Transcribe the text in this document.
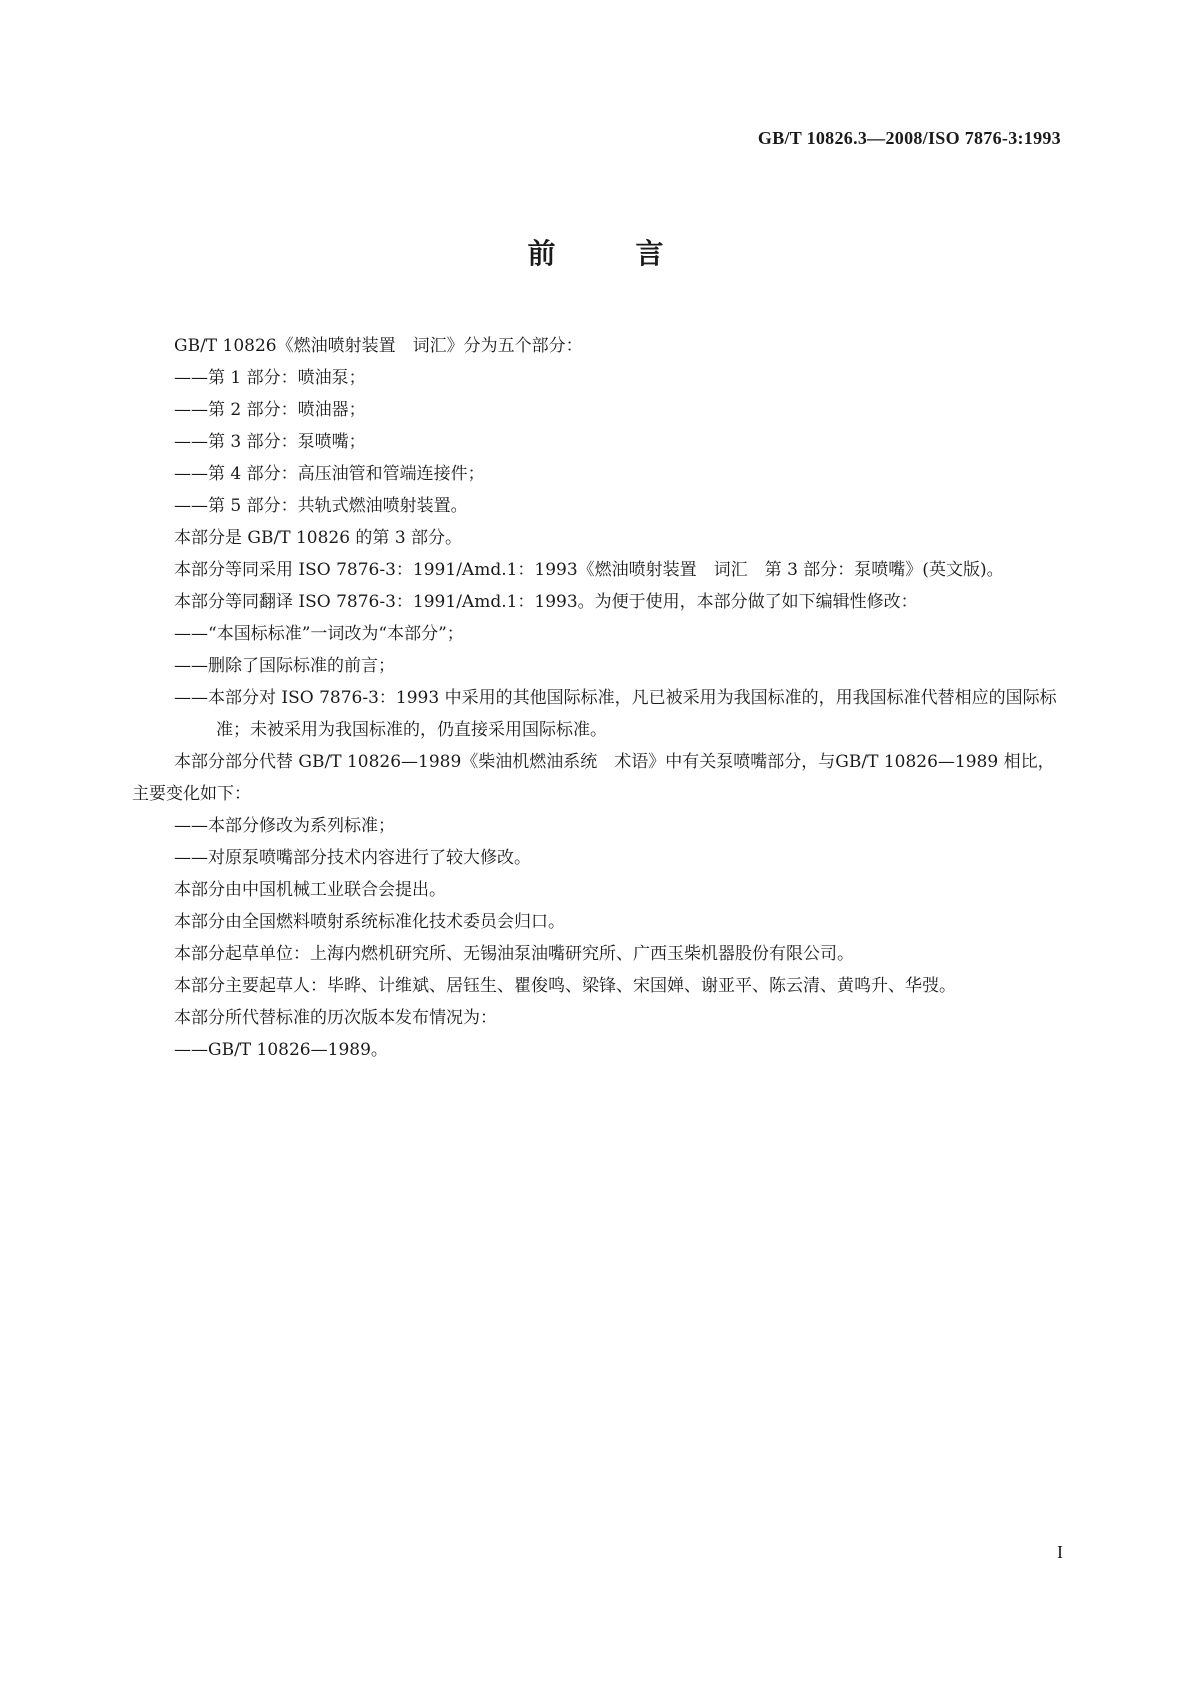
GB/T 10826.3—2008/ISO 7876-3:1993
前　言

GB/T 10826《燃油喷射装置　词汇》分为五个部分：

——第 1 部分：喷油泵；

——第 2 部分：喷油器；

——第 3 部分：泵喷嘴；

——第 4 部分：高压油管和管端连接件；

——第 5 部分：共轨式燃油喷射装置。

本部分是 GB/T 10826 的第 3 部分。

本部分等同采用 ISO 7876-3：1991/Amd.1：1993《燃油喷射装置　词汇　第 3 部分：泵喷嘴》(英文版)。

本部分等同翻译 ISO 7876-3：1991/Amd.1：1993。为便于使用，本部分做了如下编辑性修改：

——“本国标标准”一词改为“本部分”；

——删除了国际标准的前言；

——本部分对 ISO 7876-3：1993 中采用的其他国际标准，凡已被采用为我国标准的，用我国标准代替相应的国际标准；未被采用为我国标准的，仍直接采用国际标准。

本部分部分代替 GB/T 10826—1989《柴油机燃油系统　术语》中有关泵喷嘴部分，与GB/T 10826—1989 相比，主要变化如下：

——本部分修改为系列标准；

——对原泵喷嘴部分技术内容进行了较大修改。

本部分由中国机械工业联合会提出。

本部分由全国燃料喷射系统标准化技术委员会归口。

本部分起草单位：上海内燃机研究所、无锡油泵油嘴研究所、广西玉柴机器股份有限公司。

本部分主要起草人：毕晔、计维斌、居钰生、瞿俊鸣、梁锋、宋国婵、谢亚平、陈云清、黄鸣升、华弢。

本部分所代替标准的历次版本发布情况为：

——GB/T 10826—1989。

I
